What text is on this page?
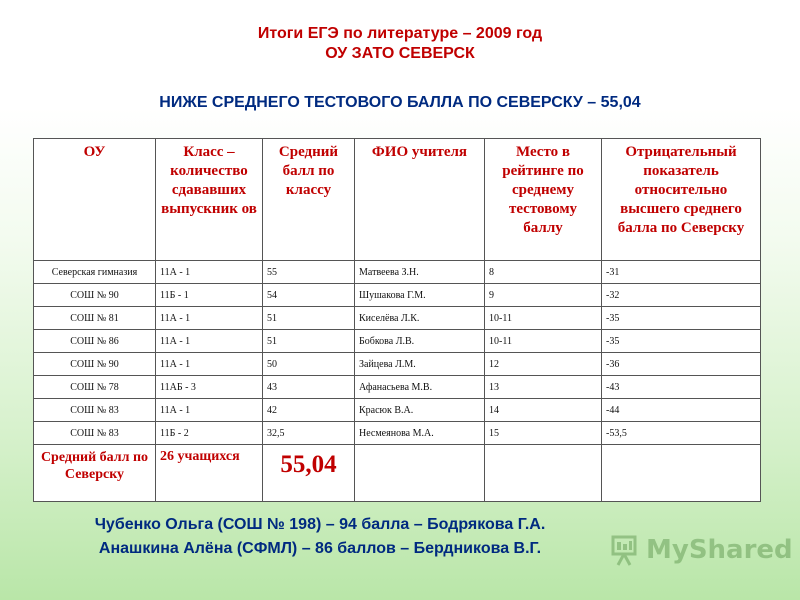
Итоги ЕГЭ по литературе – 2009 год
ОУ ЗАТО СЕВЕРСК
НИЖЕ СРЕДНЕГО ТЕСТОВОГО БАЛЛА ПО СЕВЕРСКУ – 55,04
ОУ	Класс – количество сдававших выпускник ов	Средний балл по классу	ФИО учителя	Место в рейтинге по среднему тестовому баллу	Отрицательный показатель относительно высшего среднего балла по Северску
Северская гимназия	11А - 1	55	Матвеева З.Н.	8	-31
СОШ № 90	11Б - 1	54	Шушакова Г.М.	9	-32
СОШ № 81	11А - 1	51	Киселёва Л.К.	10-11	-35
СОШ № 86	11А - 1	51	Бобкова Л.В.	10-11	-35
СОШ № 90	11А - 1	50	Зайцева Л.М.	12	-36
СОШ № 78	11АБ - 3	43	Афанасьева М.В.	13	-43
СОШ № 83	11А - 1	42	Красюк В.А.	14	-44
СОШ № 83	11Б - 2	32,5	Несмеянова М.А.	15	-53,5
Средний балл по Северску	26 учащихся	55,04			
Чубенко Ольга (СОШ № 198) – 94 балла – Бодрякова Г.А.
Анашкина Алёна (СФМЛ) – 86 баллов – Бердникова В.Г.	MyShared
